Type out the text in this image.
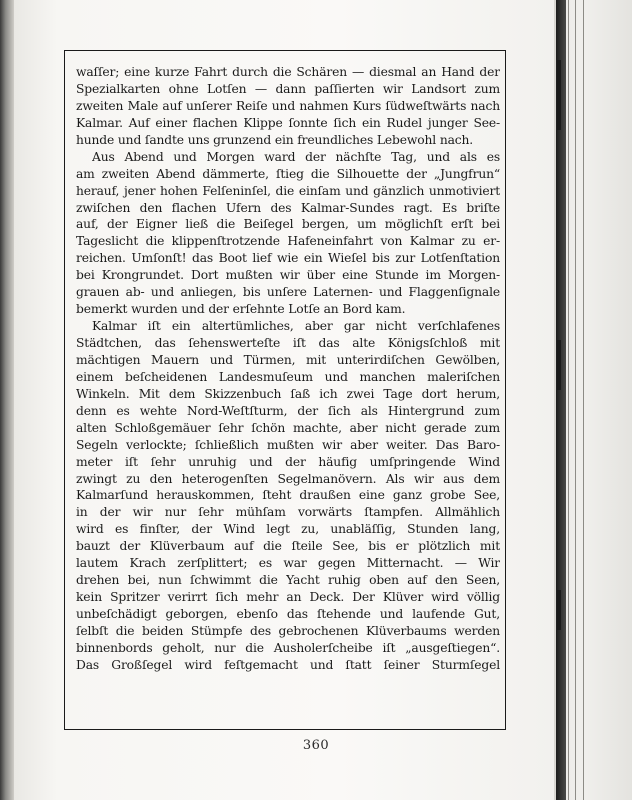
waſſer; eine kurze Fahrt durch die Schären — diesmal an Hand der
Spezialkarten ohne Lotſen — dann paſſierten wir Landsort zum
zweiten Male auf unſerer Reiſe und nahmen Kurs ſüdweſtwärts nach
Kalmar. Auf einer flachen Klippe ſonnte ſich ein Rudel junger See-
hunde und ſandte uns grunzend ein freundliches Lebewohl nach.
Aus Abend und Morgen ward der nächſte Tag, und als es
am zweiten Abend dämmerte, ſtieg die Silhouette der „Jungfrun“
herauf, jener hohen Felſeninſel, die einſam und gänzlich unmotiviert
zwiſchen den flachen Ufern des Kalmar-Sundes ragt. Es briſte
auf, der Eigner ließ die Beiſegel bergen, um möglichſt erſt bei
Tageslicht die klippenſtrotzende Hafeneinfahrt von Kalmar zu er-
reichen. Umſonſt! das Boot lief wie ein Wieſel bis zur Lotſenſtation
bei Krongrundet. Dort mußten wir über eine Stunde im Morgen-
grauen ab- und anliegen, bis unſere Laternen- und Flaggenſignale
bemerkt wurden und der erſehnte Lotſe an Bord kam.
Kalmar iſt ein altertümliches, aber gar nicht verſchlafenes
Städtchen, das ſehenswerteſte iſt das alte Königsſchloß mit
mächtigen Mauern und Türmen, mit unterirdiſchen Gewölben,
einem beſcheidenen Landesmuſeum und manchen maleriſchen
Winkeln. Mit dem Skizzenbuch ſaß ich zwei Tage dort herum,
denn es wehte Nord-Weſtſturm, der ſich als Hintergrund zum
alten Schloßgemäuer ſehr ſchön machte, aber nicht gerade zum
Segeln verlockte; ſchließlich mußten wir aber weiter. Das Baro-
meter iſt ſehr unruhig und der häufig umſpringende Wind
zwingt zu den heterogenſten Segelmanövern. Als wir aus dem
Kalmarſund herauskommen, ſteht draußen eine ganz grobe See,
in der wir nur ſehr mühſam vorwärts ſtampfen. Allmählich
wird es finſter, der Wind legt zu, unabläſſig, Stunden lang,
bauzt der Klüverbaum auf die ſteile See, bis er plötzlich mit
lautem Krach zerſplittert; es war gegen Mitternacht. — Wir
drehen bei, nun ſchwimmt die Yacht ruhig oben auf den Seen,
kein Spritzer verirrt ſich mehr an Deck. Der Klüver wird völlig
unbeſchädigt geborgen, ebenſo das ſtehende und laufende Gut,
ſelbſt die beiden Stümpfe des gebrochenen Klüverbaums werden
binnenbords geholt, nur die Ausholerſcheibe iſt „ausgeſtiegen“.
Das Großſegel wird feſtgemacht und ſtatt ſeiner Sturmſegel
360
